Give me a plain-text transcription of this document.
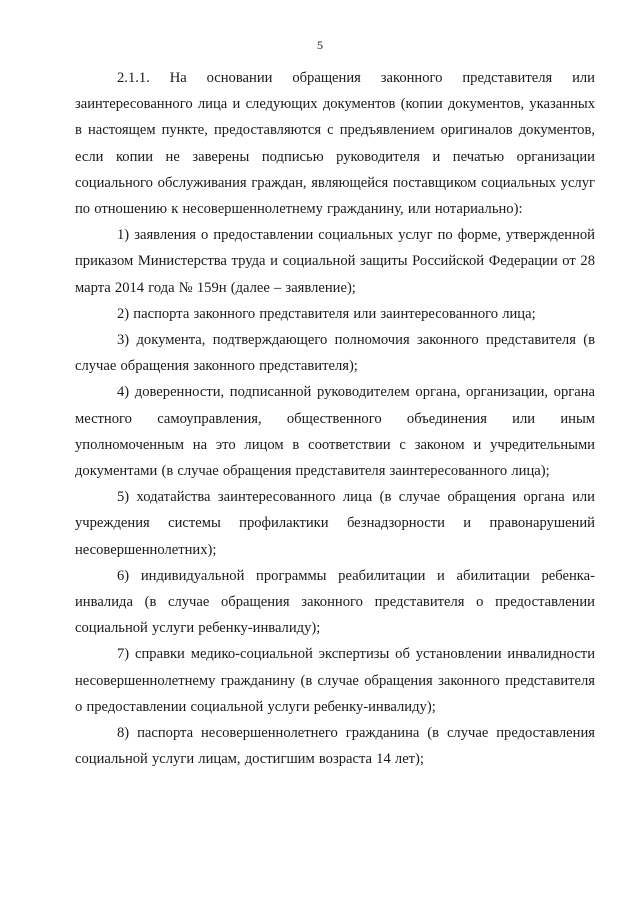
5

2.1.1. На основании обращения законного представителя или заинтересованного лица и следующих документов (копии документов, указанных в настоящем пункте, предоставляются с предъявлением оригиналов документов, если копии не заверены подписью руководителя и печатью организации социального обслуживания граждан, являющейся поставщиком социальных услуг по отношению к несовершеннолетнему гражданину, или нотариально):

1) заявления о предоставлении социальных услуг по форме, утвержденной приказом Министерства труда и социальной защиты Российской Федерации от 28 марта 2014 года № 159н (далее – заявление);

2) паспорта законного представителя или заинтересованного лица;

3) документа, подтверждающего полномочия законного представителя (в случае обращения законного представителя);

4) доверенности, подписанной руководителем органа, организации, органа местного самоуправления, общественного объединения или иным уполномоченным на это лицом в соответствии с законом и учредительными документами (в случае обращения представителя заинтересованного лица);

5) ходатайства заинтересованного лица (в случае обращения органа или учреждения системы профилактики безнадзорности и правонарушений несовершеннолетних);

6) индивидуальной программы реабилитации и абилитации ребенка-инвалида (в случае обращения законного представителя о предоставлении социальной услуги ребенку-инвалиду);

7) справки медико-социальной экспертизы об установлении инвалидности несовершеннолетнему гражданину (в случае обращения законного представителя о предоставлении социальной услуги ребенку-инвалиду);

8) паспорта несовершеннолетнего гражданина (в случае предоставления социальной услуги лицам, достигшим возраста 14 лет);
